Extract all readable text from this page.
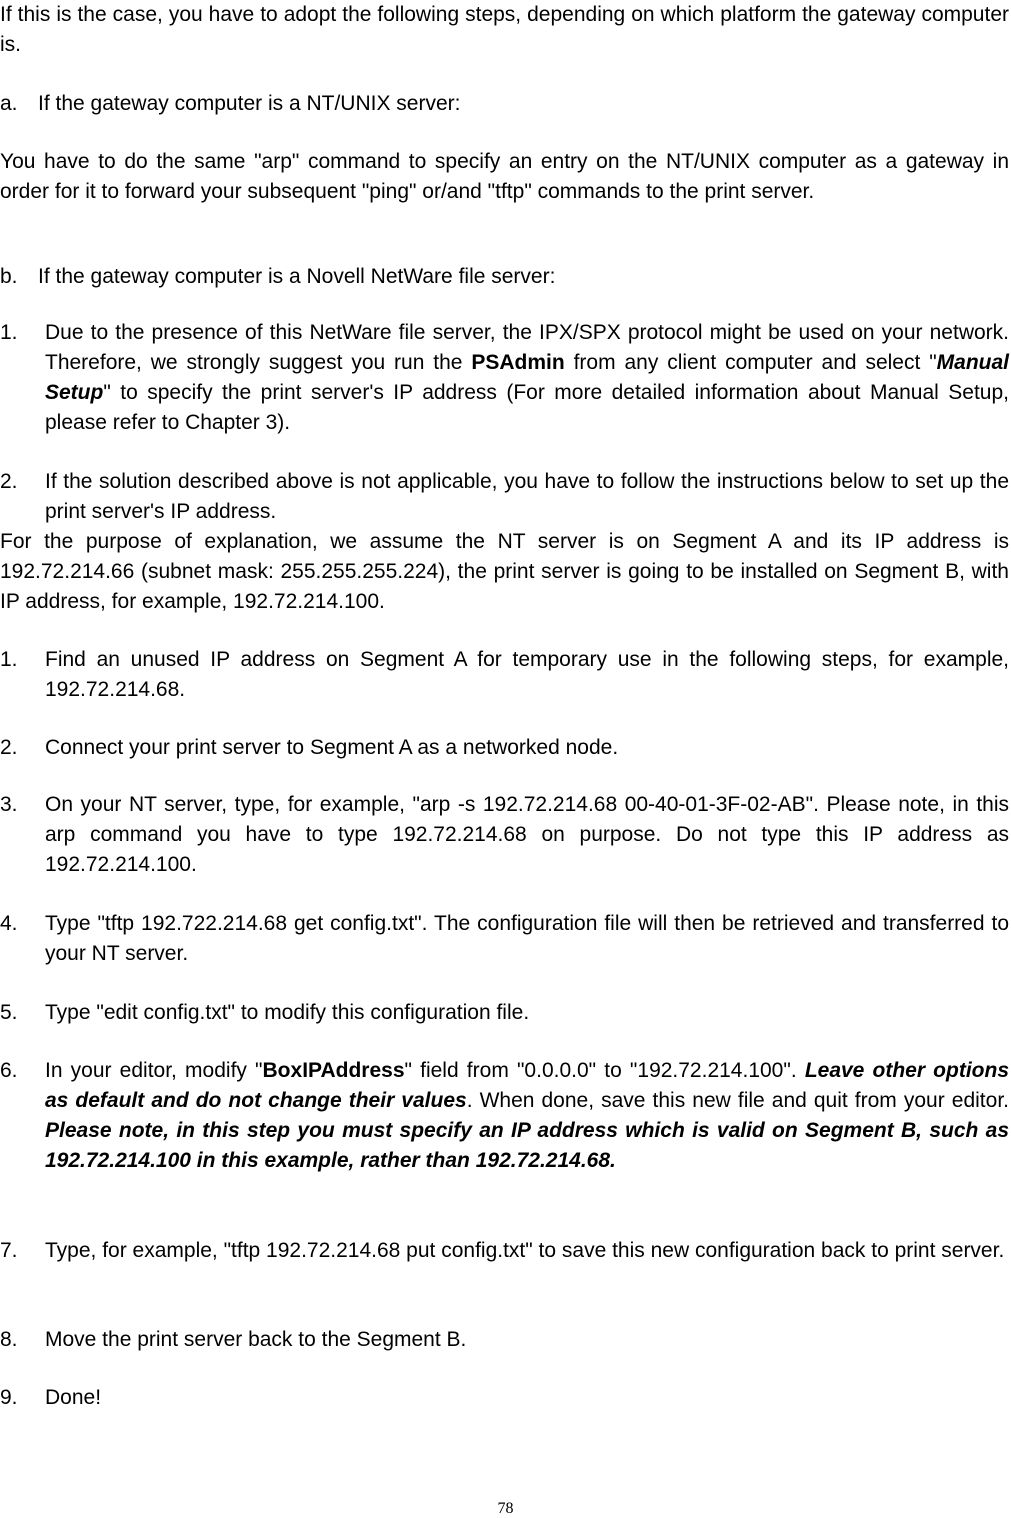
If this is the case, you have to adopt the following steps, depending on which platform the gateway computer is.

a. If the gateway computer is a NT/UNIX server:

You have to do the same "arp" command to specify an entry on the NT/UNIX computer as a gateway in order for it to forward your subsequent "ping" or/and "tftp" commands to the print server.

b. If the gateway computer is a Novell NetWare file server:
1.	Due to the presence of this NetWare file server, the IPX/SPX protocol might be used on your network. Therefore, we strongly suggest you run the PSAdmin from any client computer and select "Manual Setup" to specify the print server's IP address (For more detailed information about Manual Setup, please refer to Chapter 3).
2.	If the solution described above is not applicable, you have to follow the instructions below to set up the print server's IP address.

For the purpose of explanation, we assume the NT server is on Segment A and its IP address is 192.72.214.66 (subnet mask: 255.255.255.224), the print server is going to be installed on Segment B, with IP address, for example, 192.72.214.100.

1.	Find an unused IP address on Segment A for temporary use in the following steps, for example, 192.72.214.68.
2.	Connect your print server to Segment A as a networked node.
3.	On your NT server, type, for example, "arp -s 192.72.214.68 00-40-01-3F-02-AB". Please note, in this arp command you have to type 192.72.214.68 on purpose. Do not type this IP address as 192.72.214.100.
4.	Type "tftp 192.722.214.68 get config.txt". The configuration file will then be retrieved and transferred to your NT server.
5.	Type "edit config.txt" to modify this configuration file.
6.	In your editor, modify "BoxIPAddress" field from "0.0.0.0" to "192.72.214.100". Leave other options as default and do not change their values. When done, save this new file and quit from your editor. Please note, in this step you must specify an IP address which is valid on Segment B, such as 192.72.214.100 in this example, rather than 192.72.214.68.
7.	Type, for example, "tftp 192.72.214.68 put config.txt" to save this new configuration back to print server.
8.	Move the print server back to the Segment B.
9.	Done!
78
